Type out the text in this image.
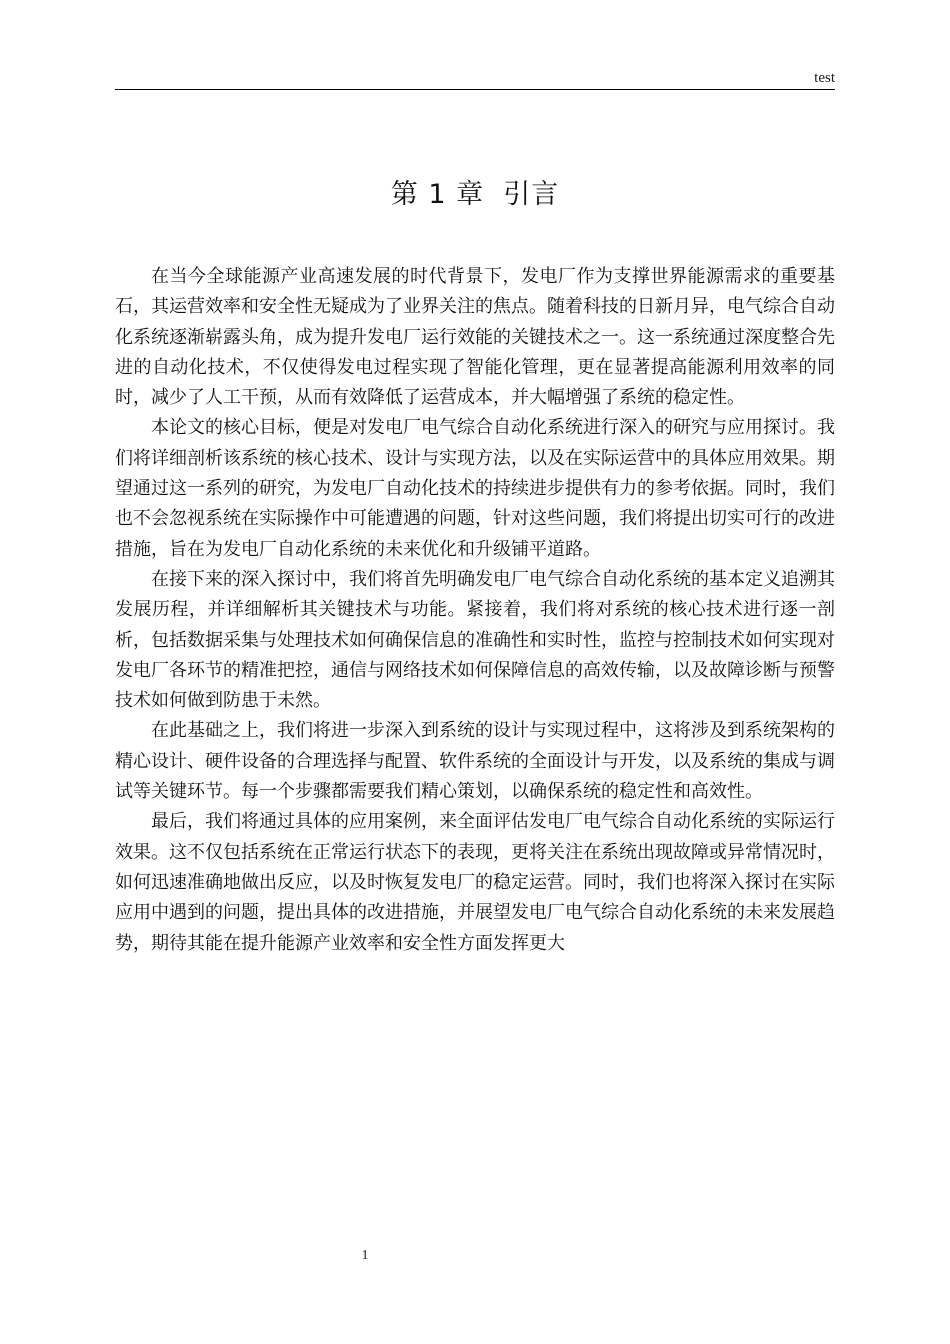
test
第 1 章  引言

在当今全球能源产业高速发展的时代背景下，发电厂作为支撑世界能源需求的重要基石，其运营效率和安全性无疑成为了业界关注的焦点。随着科技的日新月异，电气综合自动化系统逐渐崭露头角，成为提升发电厂运行效能的关键技术之一。这一系统通过深度整合先进的自动化技术，不仅使得发电过程实现了智能化管理，更在显著提高能源利用效率的同时，减少了人工干预，从而有效降低了运营成本，并大幅增强了系统的稳定性。

本论文的核心目标，便是对发电厂电气综合自动化系统进行深入的研究与应用探讨。我们将详细剖析该系统的核心技术、设计与实现方法，以及在实际运营中的具体应用效果。期望通过这一系列的研究，为发电厂自动化技术的持续进步提供有力的参考依据。同时，我们也不会忽视系统在实际操作中可能遭遇的问题，针对这些问题，我们将提出切实可行的改进措施，旨在为发电厂自动化系统的未来优化和升级铺平道路。

在接下来的深入探讨中，我们将首先明确发电厂电气综合自动化系统的基本定义追溯其发展历程，并详细解析其关键技术与功能。紧接着，我们将对系统的核心技术进行逐一剖析，包括数据采集与处理技术如何确保信息的准确性和实时性，监控与控制技术如何实现对发电厂各环节的精准把控，通信与网络技术如何保障信息的高效传输，以及故障诊断与预警技术如何做到防患于未然。

在此基础之上，我们将进一步深入到系统的设计与实现过程中，这将涉及到系统架构的精心设计、硬件设备的合理选择与配置、软件系统的全面设计与开发，以及系统的集成与调试等关键环节。每一个步骤都需要我们精心策划，以确保系统的稳定性和高效性。

最后，我们将通过具体的应用案例，来全面评估发电厂电气综合自动化系统的实际运行效果。这不仅包括系统在正常运行状态下的表现，更将关注在系统出现故障或异常情况时，如何迅速准确地做出反应，以及时恢复发电厂的稳定运营。同时，我们也将深入探讨在实际应用中遇到的问题，提出具体的改进措施，并展望发电厂电气综合自动化系统的未来发展趋势，期待其能在提升能源产业效率和安全性方面发挥更大

1
